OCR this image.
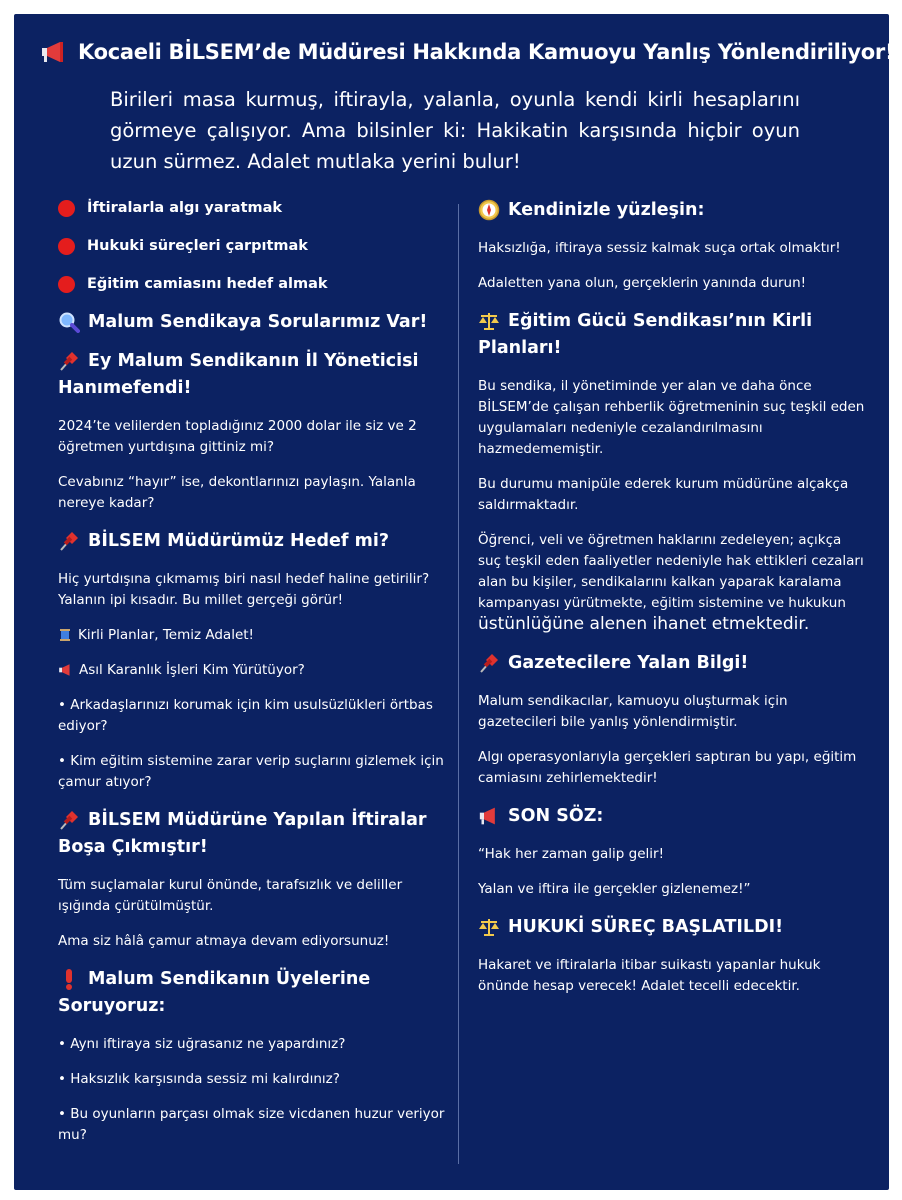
Kocaeli BİLSEM’de Müdüresi Hakkında Kamuoyu Yanlış Yönlendiriliyor!
Birileri masa kurmuş, iftirayla, yalanla, oyunla kendi kirli hesaplarını görmeye çalışıyor. Ama bilsinler ki: Hakikatin karşısında hiçbir oyun uzun sürmez. Adalet mutlaka yerini bulur!
İftiralarla algı yaratmak
Hukuki süreçleri çarpıtmak
Eğitim camiasını hedef almak
Malum Sendikaya Sorularımız Var!
Ey Malum Sendikanın İl Yöneticisi Hanımefendi!

2024’te velilerden topladığınız 2000 dolar ile siz ve 2 öğretmen yurtdışına gittiniz mi?

Cevabınız “hayır” ise, dekontlarınızı paylaşın. Yalanla nereye kadar?

BİLSEM Müdürümüz Hedef mi?

Hiç yurtdışına çıkmamış biri nasıl hedef haline getirilir? Yalanın ipi kısadır. Bu millet gerçeği görür!

Kirli Planlar, Temiz Adalet!

Asıl Karanlık İşleri Kim Yürütüyor?

• Arkadaşlarınızı korumak için kim usulsüzlükleri örtbas ediyor?

• Kim eğitim sistemine zarar verip suçlarını gizlemek için çamur atıyor?

BİLSEM Müdürüne Yapılan İftiralar Boşa Çıkmıştır!

Tüm suçlamalar kurul önünde, tarafsızlık ve deliller ışığında çürütülmüştür.

Ama siz hâlâ çamur atmaya devam ediyorsunuz!

Malum Sendikanın Üyelerine Soruyoruz:

• Aynı iftiraya siz uğrasanız ne yapardınız?

• Haksızlık karşısında sessiz mi kalırdınız?

• Bu oyunların parçası olmak size vicdanen huzur veriyor mu?

Kendinizle yüzleşin:

Haksızlığa, iftiraya sessiz kalmak suça ortak olmaktır!

Adaletten yana olun, gerçeklerin yanında durun!

Eğitim Gücü Sendikası’nın Kirli Planları!

Bu sendika, il yönetiminde yer alan ve daha önce BİLSEM’de çalışan rehberlik öğretmeninin suç teşkil eden uygulamaları nedeniyle cezalandırılmasını hazmedememiştir.

Bu durumu manipüle ederek kurum müdürüne alçakça saldırmaktadır.

Öğrenci, veli ve öğretmen haklarını zedeleyen; açıkça suç teşkil eden faaliyetler nedeniyle hak ettikleri cezaları alan bu kişiler, sendikalarını kalkan yaparak karalama kampanyası yürütmekte, eğitim sistemine ve hukukun üstünlüğüne alenen ihanet etmektedir.

Gazetecilere Yalan Bilgi!

Malum sendikacılar, kamuoyu oluşturmak için gazetecileri bile yanlış yönlendirmiştir.

Algı operasyonlarıyla gerçekleri saptıran bu yapı, eğitim camiasını zehirlemektedir!

SON SÖZ:

“Hak her zaman galip gelir!

Yalan ve iftira ile gerçekler gizlenemez!”

HUKUKİ SÜREÇ BAŞLATILDI!

Hakaret ve iftiralarla itibar suikastı yapanlar hukuk önünde hesap verecek! Adalet tecelli edecektir.
